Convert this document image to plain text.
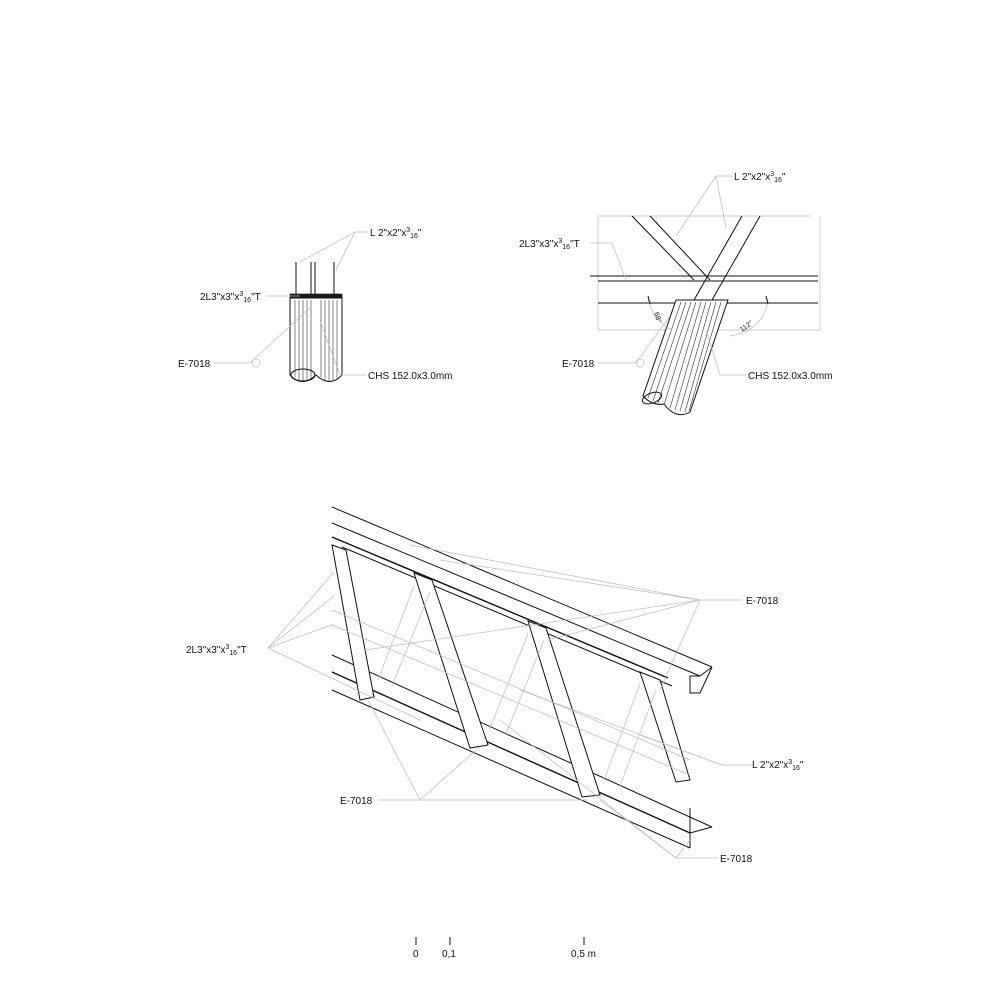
L $2"x2"x^3_{16}$"
$2L3"x3"x^3_{16}"T$
E-7018
CHS 152.0x3.0mm
68°
112°
L $2"x2"x^3_{16}$"
$2L3"x3"x^3_{16}"T$
E-7018
CHS 152.0x3.0mm
$2L3"x3"x^3_{16}"T$
L $2"x2"x^3_{16}$"
E-7018
E-7018
E-7018
0 0,1	0,5 m
